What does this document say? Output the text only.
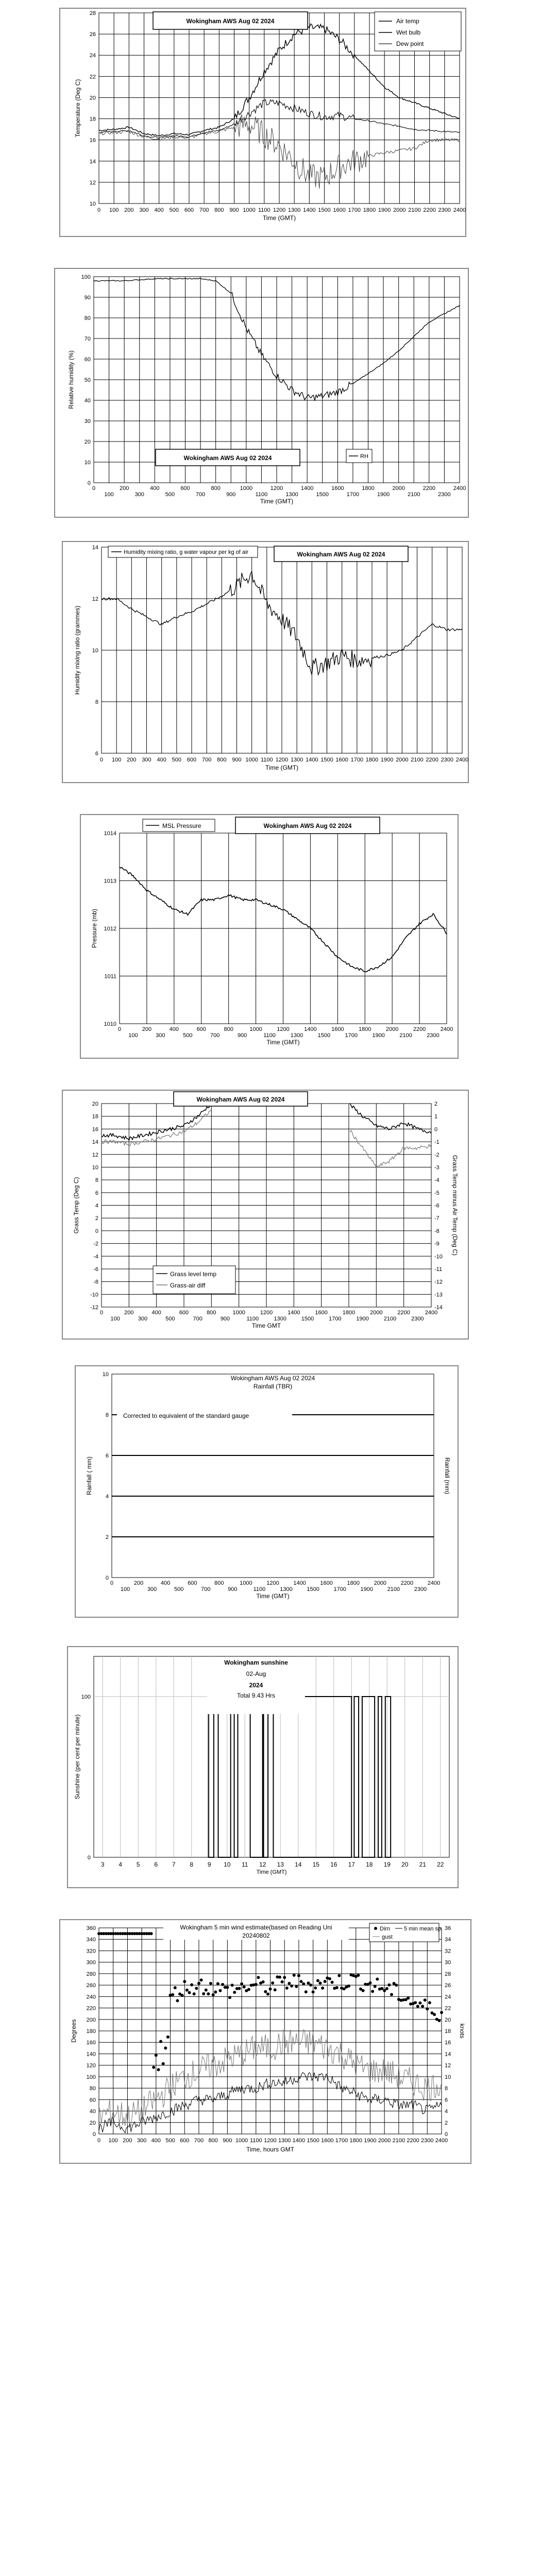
10
12
14
16
18
20
22
24
26
28
0 100 200 300 400 500 600 700 800 900 1000 1100 1200 1300 1400 1500 1600 1700 1800 1900 2000 2100 2200 2300 2400
Time (GMT)
Temperature (Deg C)
Wokingham AWS Aug 02 2024	Air temp
Wet bulb
Dew point
0
10
20
30
40
50
60
70
80
90
100
0	200	400	600	800	1000	1200	1400	1600	1800	2000	2200	2400
100	300	500	700	900	1100	1300	1500	1700	1900	2100	2300
Time (GMT)
Relative humidity (%)
Wokingham AWS Aug 02 2024	RH
6
8
10
12
14
0 100 200 300 400 500 600 700 800 900 1000 1100 1200 1300 1400 1500 1600 1700 1800 1900 2000 2100 2200 2300 2400
Time (GMT)
Humidity mixing ratio (grammes)
Humidity mixing ratio, g water vapour per kg of air	Wokingham AWS Aug 02 2024
1010
1011
1012
1013
1014
0	200	400	600	800	1000	1200	1400	1600	1800	2000	2200	2400
100	300	500	700	900	1100	1300	1500	1700	1900	2100	2300
Time (GMT)
Pressure (mb)
MSL Pressure	Wokingham AWS Aug 02 2024
-12
-10
-8
-6
-4
-2
0
2
4
6
8
10
12
14
16
18
20
-14
-13
-12
-11
-10
-9
-8
-7
-6
-5
-4
-3
-2
-1
0
1
2
0	200	400	600	800	1000	1200	1400	1600	1800	2000	2200	2400
100	300	500	700	900	1100	1300	1500	1700	1900	2100	2300
Time GMT
Grass Temp (Deg C)	Grass Temp minus Air Temp (Deg C)
Wokingham AWS Aug 02 2024
Grass level temp
Grass-air diff
0
2
4
6
8
10
0	200	400	600	800	1000	1200	1400	1600	1800	2000	2200	2400
100	300	500	700	900	1100	1300	1500	1700	1900	2100	2300
Time (GMT)
Rainfall ( mm)	Rainfall (mm)
Wokingham AWS Aug 02 2024
Rainfall (TBR)
Corrected to equivalent of the standard gauge
0
100
3 4 5 6 7 8 9 10 11 12 13 14 15 16 17 18 19 20 21 22
Time (GMT)
Sunshine (per cent per minute)
Wokingham sunshine
02-Aug
2024
Total 9.43 Hrs
0
20
40
60
80
100
120
140
160
180
200
220
240
260
280
300
320
340
360
0
2
4
6
8
10
12
14
16
18
20
22
24
26
28
30
32
34
36
0 100 200 300 400 500 600 700 800 900 1000 1100 1200 1300 1400 1500 1600 1700 1800 1900 2000 2100 2200 2300 2400
Time, hours GMT
Degrees	knots
Wokingham 5 min wind estimate(based on Reading Uni
20240802
Dirn 5 min mean sp
gust
